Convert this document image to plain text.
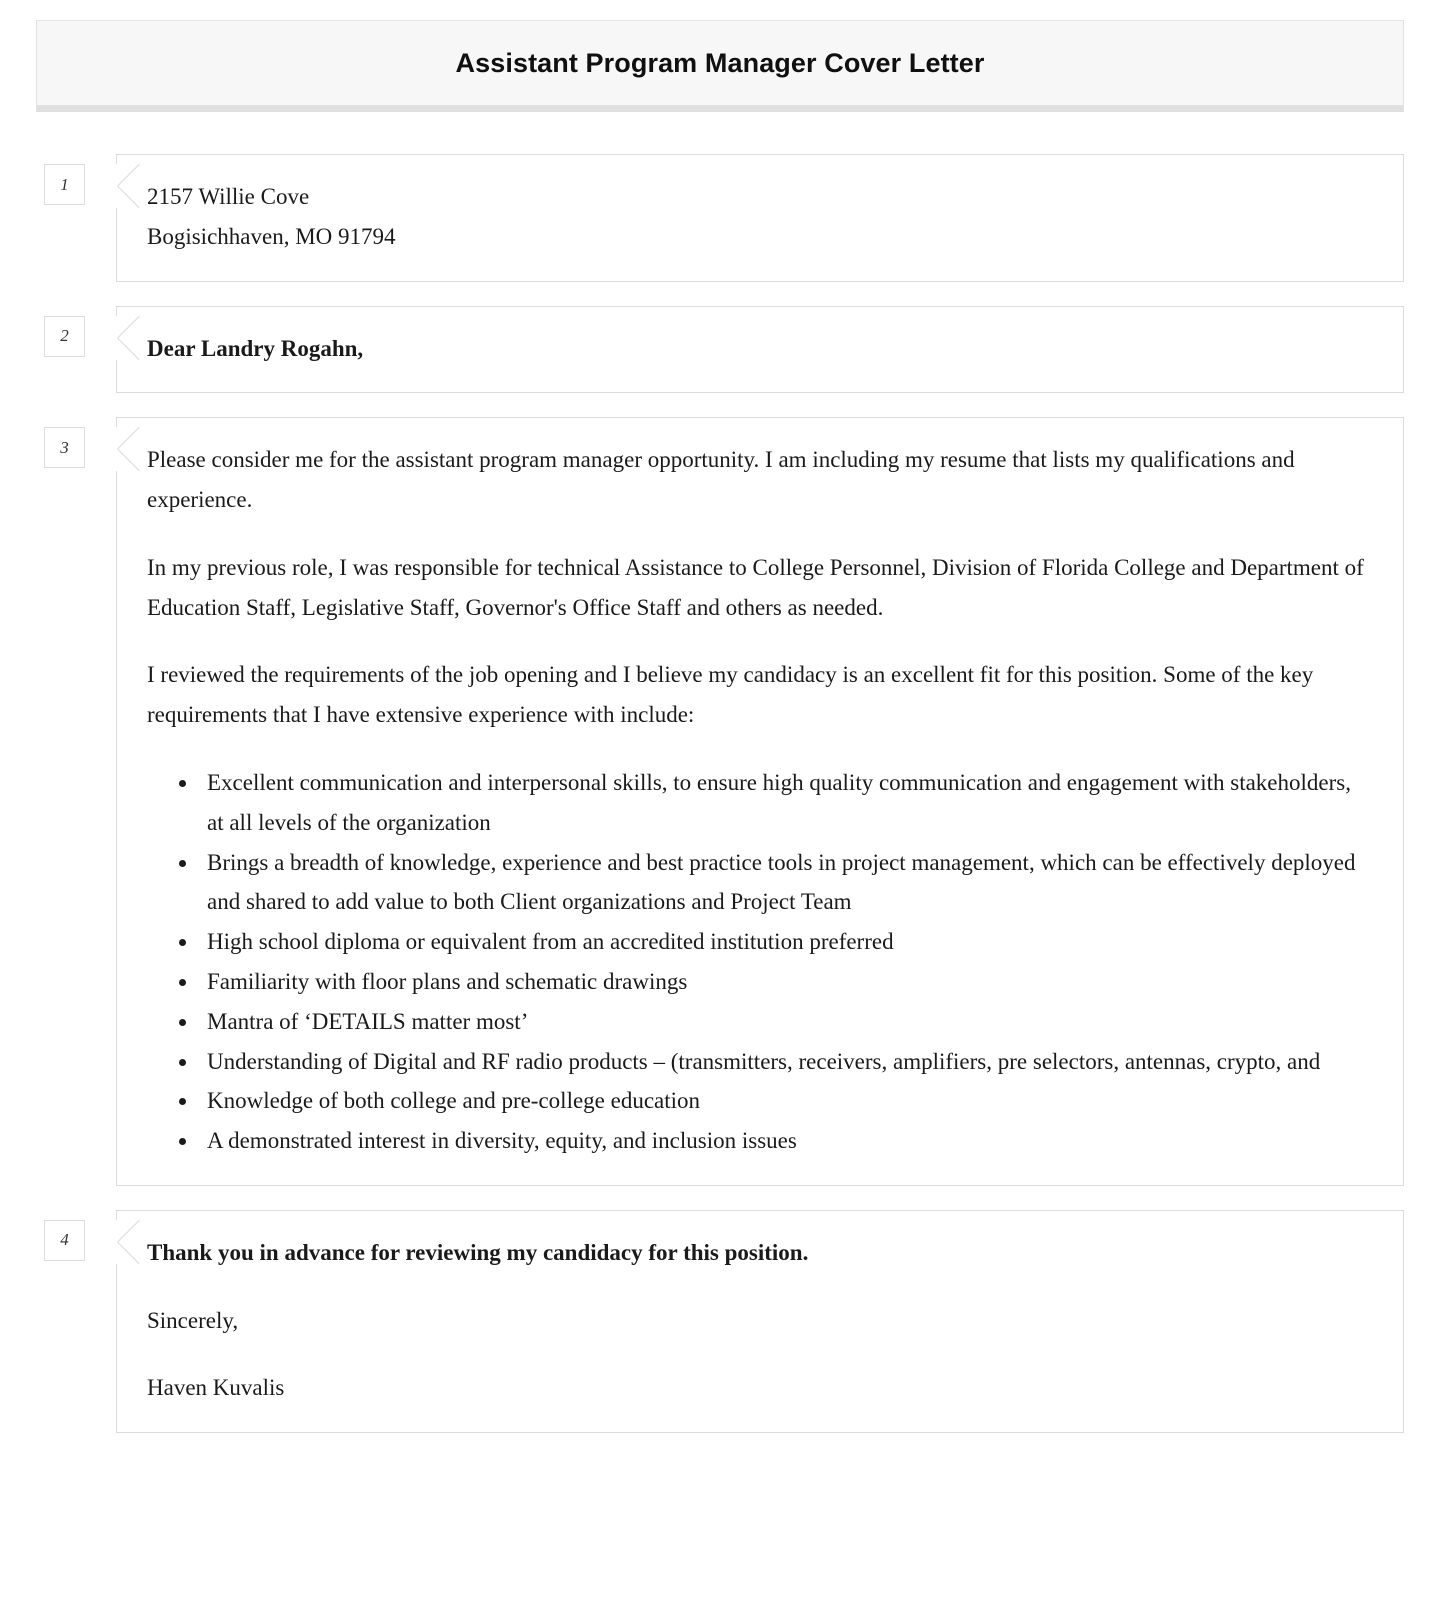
Assistant Program Manager Cover Letter
1	2157 Willie Cove
Bogisichhaven, MO 91794
2	Dear Landry Rogahn,

3	Please consider me for the assistant program manager opportunity. I am including my resume that lists my qualifications and experience.

In my previous role, I was responsible for technical Assistance to College Personnel, Division of Florida College and Department of Education Staff, Legislative Staff, Governor's Office Staff and others as needed.

I reviewed the requirements of the job opening and I believe my candidacy is an excellent fit for this position. Some of the key requirements that I have extensive experience with include:

• Excellent communication and interpersonal skills, to ensure high quality communication and engagement with stakeholders, at all levels of the organization
• Brings a breadth of knowledge, experience and best practice tools in project management, which can be effectively deployed and shared to add value to both Client organizations and Project Team
• High school diploma or equivalent from an accredited institution preferred
• Familiarity with floor plans and schematic drawings
• Mantra of ‘DETAILS matter most’
• Understanding of Digital and RF radio products – (transmitters, receivers, amplifiers, pre selectors, antennas, crypto, and
• Knowledge of both college and pre-college education
• A demonstrated interest in diversity, equity, and inclusion issues
4	Thank you in advance for reviewing my candidacy for this position.

Sincerely,

Haven Kuvalis
